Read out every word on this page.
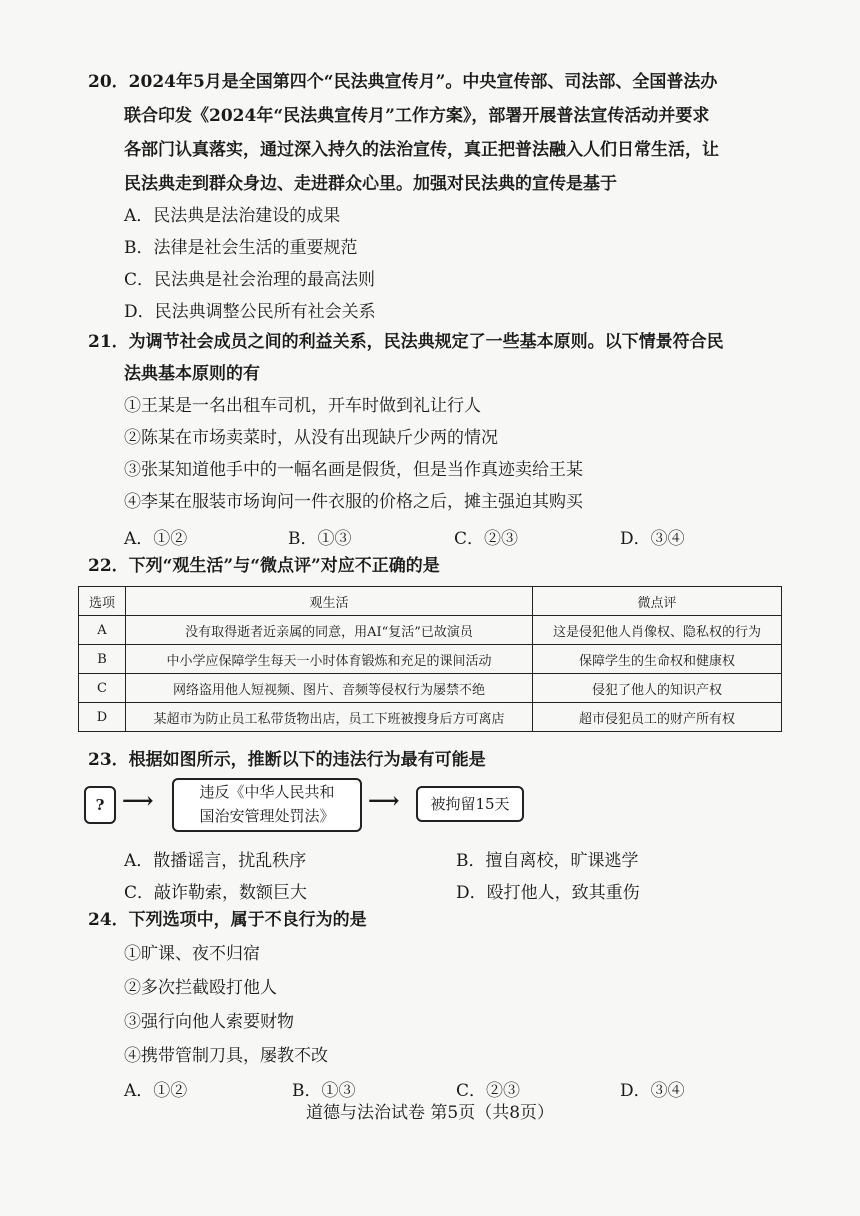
20．2024年5月是全国第四个“民法典宣传月”。中央宣传部、司法部、全国普法办
联合印发《2024年“民法典宣传月”工作方案》，部署开展普法宣传活动并要求
各部门认真落实，通过深入持久的法治宣传，真正把普法融入人们日常生活，让
民法典走到群众身边、走进群众心里。加强对民法典的宣传是基于
A．民法典是法治建设的成果
B．法律是社会生活的重要规范
C．民法典是社会治理的最高法则
D．民法典调整公民所有社会关系
21．为调节社会成员之间的利益关系，民法典规定了一些基本原则。以下情景符合民
法典基本原则的有
①王某是一名出租车司机，开车时做到礼让行人
②陈某在市场卖菜时，从没有出现缺斤少两的情况
③张某知道他手中的一幅名画是假货，但是当作真迹卖给王某
④李某在服装市场询问一件衣服的价格之后，摊主强迫其购买
A．①②	B．①③	C．②③	D．③④
22．下列“观生活”与“微点评”对应不正确的是
选项	观生活	微点评
A	没有取得逝者近亲属的同意，用AI“复活”已故演员	这是侵犯他人肖像权、隐私权的行为
B	中小学应保障学生每天一小时体育锻炼和充足的课间活动	保障学生的生命权和健康权
C	网络盗用他人短视频、图片、音频等侵权行为屡禁不绝	侵犯了他人的知识产权
D	某超市为防止员工私带货物出店，员工下班被搜身后方可离店	超市侵犯员工的财产所有权
23．根据如图所示，推断以下的违法行为最有可能是
? ⟶	违反《中华人民共和
国治安管理处罚法》
⟶	被拘留15天
A．散播谣言，扰乱秩序	B．擅自离校，旷课逃学
C．敲诈勒索，数额巨大	D．殴打他人，致其重伤
24．下列选项中，属于不良行为的是
①旷课、夜不归宿
②多次拦截殴打他人
③强行向他人索要财物
④携带管制刀具，屡教不改
A．①②	B．①③	C．②③	D．③④
道德与法治试卷 第5页（共8页）
